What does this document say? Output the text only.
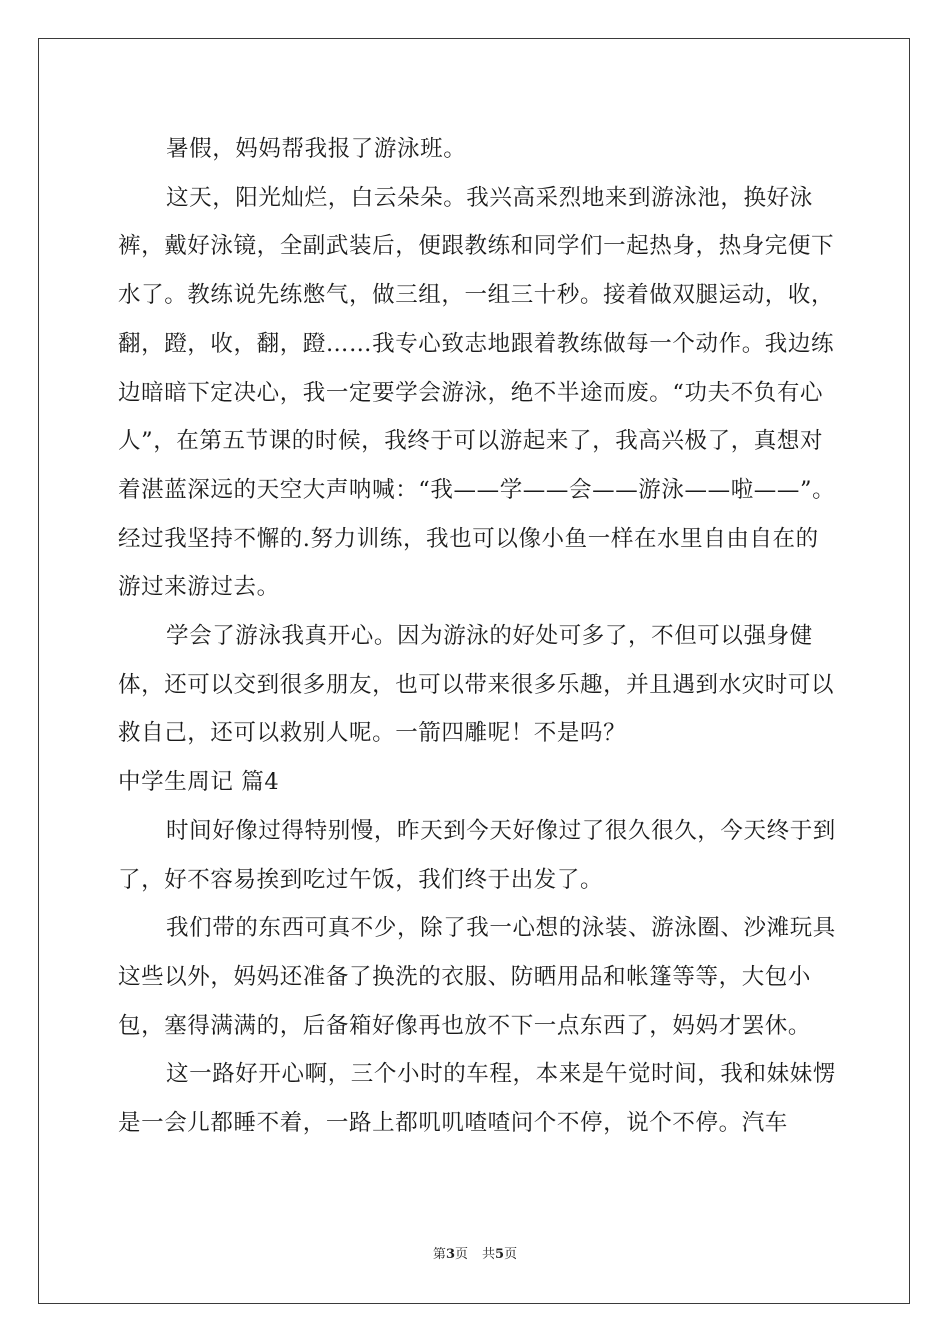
暑假，妈妈帮我报了游泳班。

这天，阳光灿烂，白云朵朵。我兴高采烈地来到游泳池，换好泳裤，戴好泳镜，全副武装后，便跟教练和同学们一起热身，热身完便下水了。教练说先练憋气，做三组，一组三十秒。接着做双腿运动，收，翻，蹬，收，翻，蹬……我专心致志地跟着教练做每一个动作。我边练边暗暗下定决心，我一定要学会游泳，绝不半途而废。“功夫不负有心人”，在第五节课的时候，我终于可以游起来了，我高兴极了，真想对着湛蓝深远的天空大声呐喊：“我——学——会——游泳——啦——”。经过我坚持不懈的.努力训练，我也可以像小鱼一样在水里自由自在的游过来游过去。

学会了游泳我真开心。因为游泳的好处可多了，不但可以强身健体，还可以交到很多朋友，也可以带来很多乐趣，并且遇到水灾时可以救自己，还可以救别人呢。一箭四雕呢！不是吗？

中学生周记 篇4

时间好像过得特别慢，昨天到今天好像过了很久很久，今天终于到了，好不容易挨到吃过午饭，我们终于出发了。

我们带的东西可真不少，除了我一心想的泳装、游泳圈、沙滩玩具这些以外，妈妈还准备了换洗的衣服、防晒用品和帐篷等等，大包小包，塞得满满的，后备箱好像再也放不下一点东西了，妈妈才罢休。

这一路好开心啊，三个小时的车程，本来是午觉时间，我和妹妹愣是一会儿都睡不着，一路上都叽叽喳喳问个不停，说个不停。汽车

第3页 共5页
